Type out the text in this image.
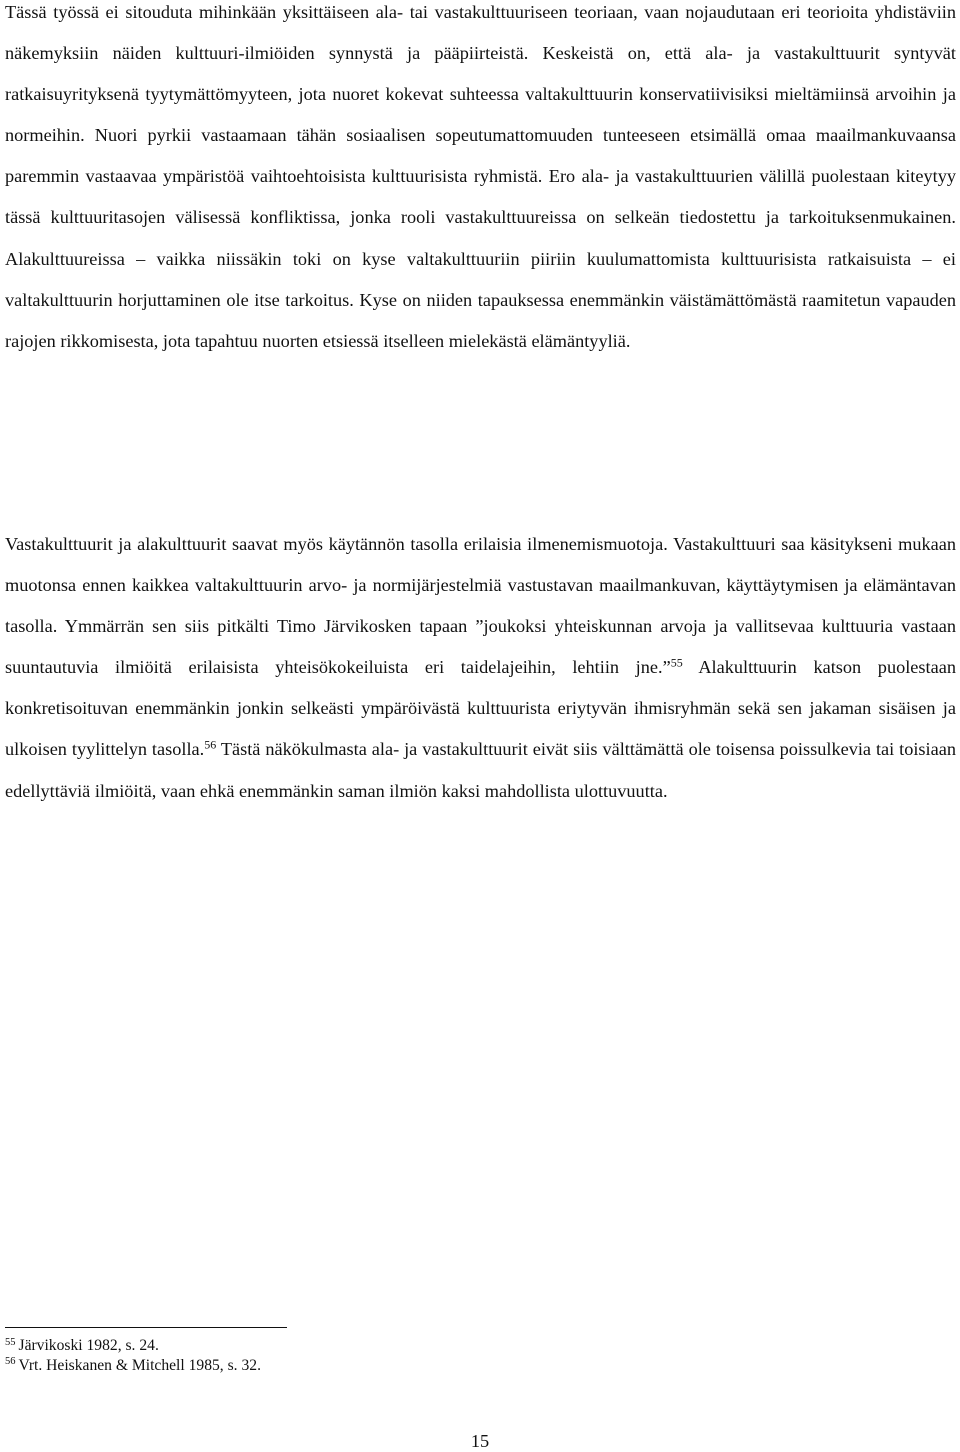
Tässä työssä ei sitouduta mihinkään yksittäiseen ala- tai vastakulttuuriseen teoriaan, vaan nojaudutaan eri teorioita yhdistäviin näkemyksiin näiden kulttuuri-ilmiöiden synnystä ja pääpiirteistä. Keskeistä on, että ala- ja vastakulttuurit syntyvät ratkaisuyrityksenä tyytymättömyyteen, jota nuoret kokevat suhteessa valtakulttuurin konservatiivisiksi mieltämiinsä arvoihin ja normeihin. Nuori pyrkii vastaamaan tähän sosiaalisen sopeutumattomuuden tunteeseen etsimällä omaa maailmankuvaansa paremmin vastaavaa ympäristöä vaihtoehtoisista kulttuurisista ryhmistä. Ero ala- ja vastakulttuurien välillä puolestaan kiteytyy tässä kulttuuritasojen välisessä konfliktissa, jonka rooli vastakulttuureissa on selkeän tiedostettu ja tarkoituksenmukainen. Alakulttuureissa – vaikka niissäkin toki on kyse valtakulttuuriin piiriin kuulumattomista kulttuurisista ratkaisuista – ei valtakulttuurin horjuttaminen ole itse tarkoitus. Kyse on niiden tapauksessa enemmänkin väistämättömästä raamitetun vapauden rajojen rikkomisesta, jota tapahtuu nuorten etsiessä itselleen mielekästä elämäntyyliä.

Vastakulttuurit ja alakulttuurit saavat myös käytännön tasolla erilaisia ilmenemismuotoja. Vastakulttuuri saa käsitykseni mukaan muotonsa ennen kaikkea valtakulttuurin arvo- ja normijärjestelmiä vastustavan maailmankuvan, käyttäytymisen ja elämäntavan tasolla. Ymmärrän sen siis pitkälti Timo Järvikosken tapaan ”joukoksi yhteiskunnan arvoja ja vallitsevaa kulttuuria vastaan suuntautuvia ilmiöitä erilaisista yhteisökokeiluista eri taidelajeihin, lehtiin jne.”$^{55}$ Alakulttuurin katson puolestaan konkretisoituvan enemmänkin jonkin selkeästi ympäröivästä kulttuurista eriytyvän ihmisryhmän sekä sen jakaman sisäisen ja ulkoisen tyylittelyn tasolla.$^{56}$ Tästä näkökulmasta ala- ja vastakulttuurit eivät siis välttämättä ole toisensa poissulkevia tai toisiaan edellyttäviä ilmiöitä, vaan ehkä enemmänkin saman ilmiön kaksi mahdollista ulottuvuutta.

$^{55}$ Järvikoski 1982, s. 24.

$^{56}$ Vrt. Heiskanen & Mitchell 1985, s. 32.

15
